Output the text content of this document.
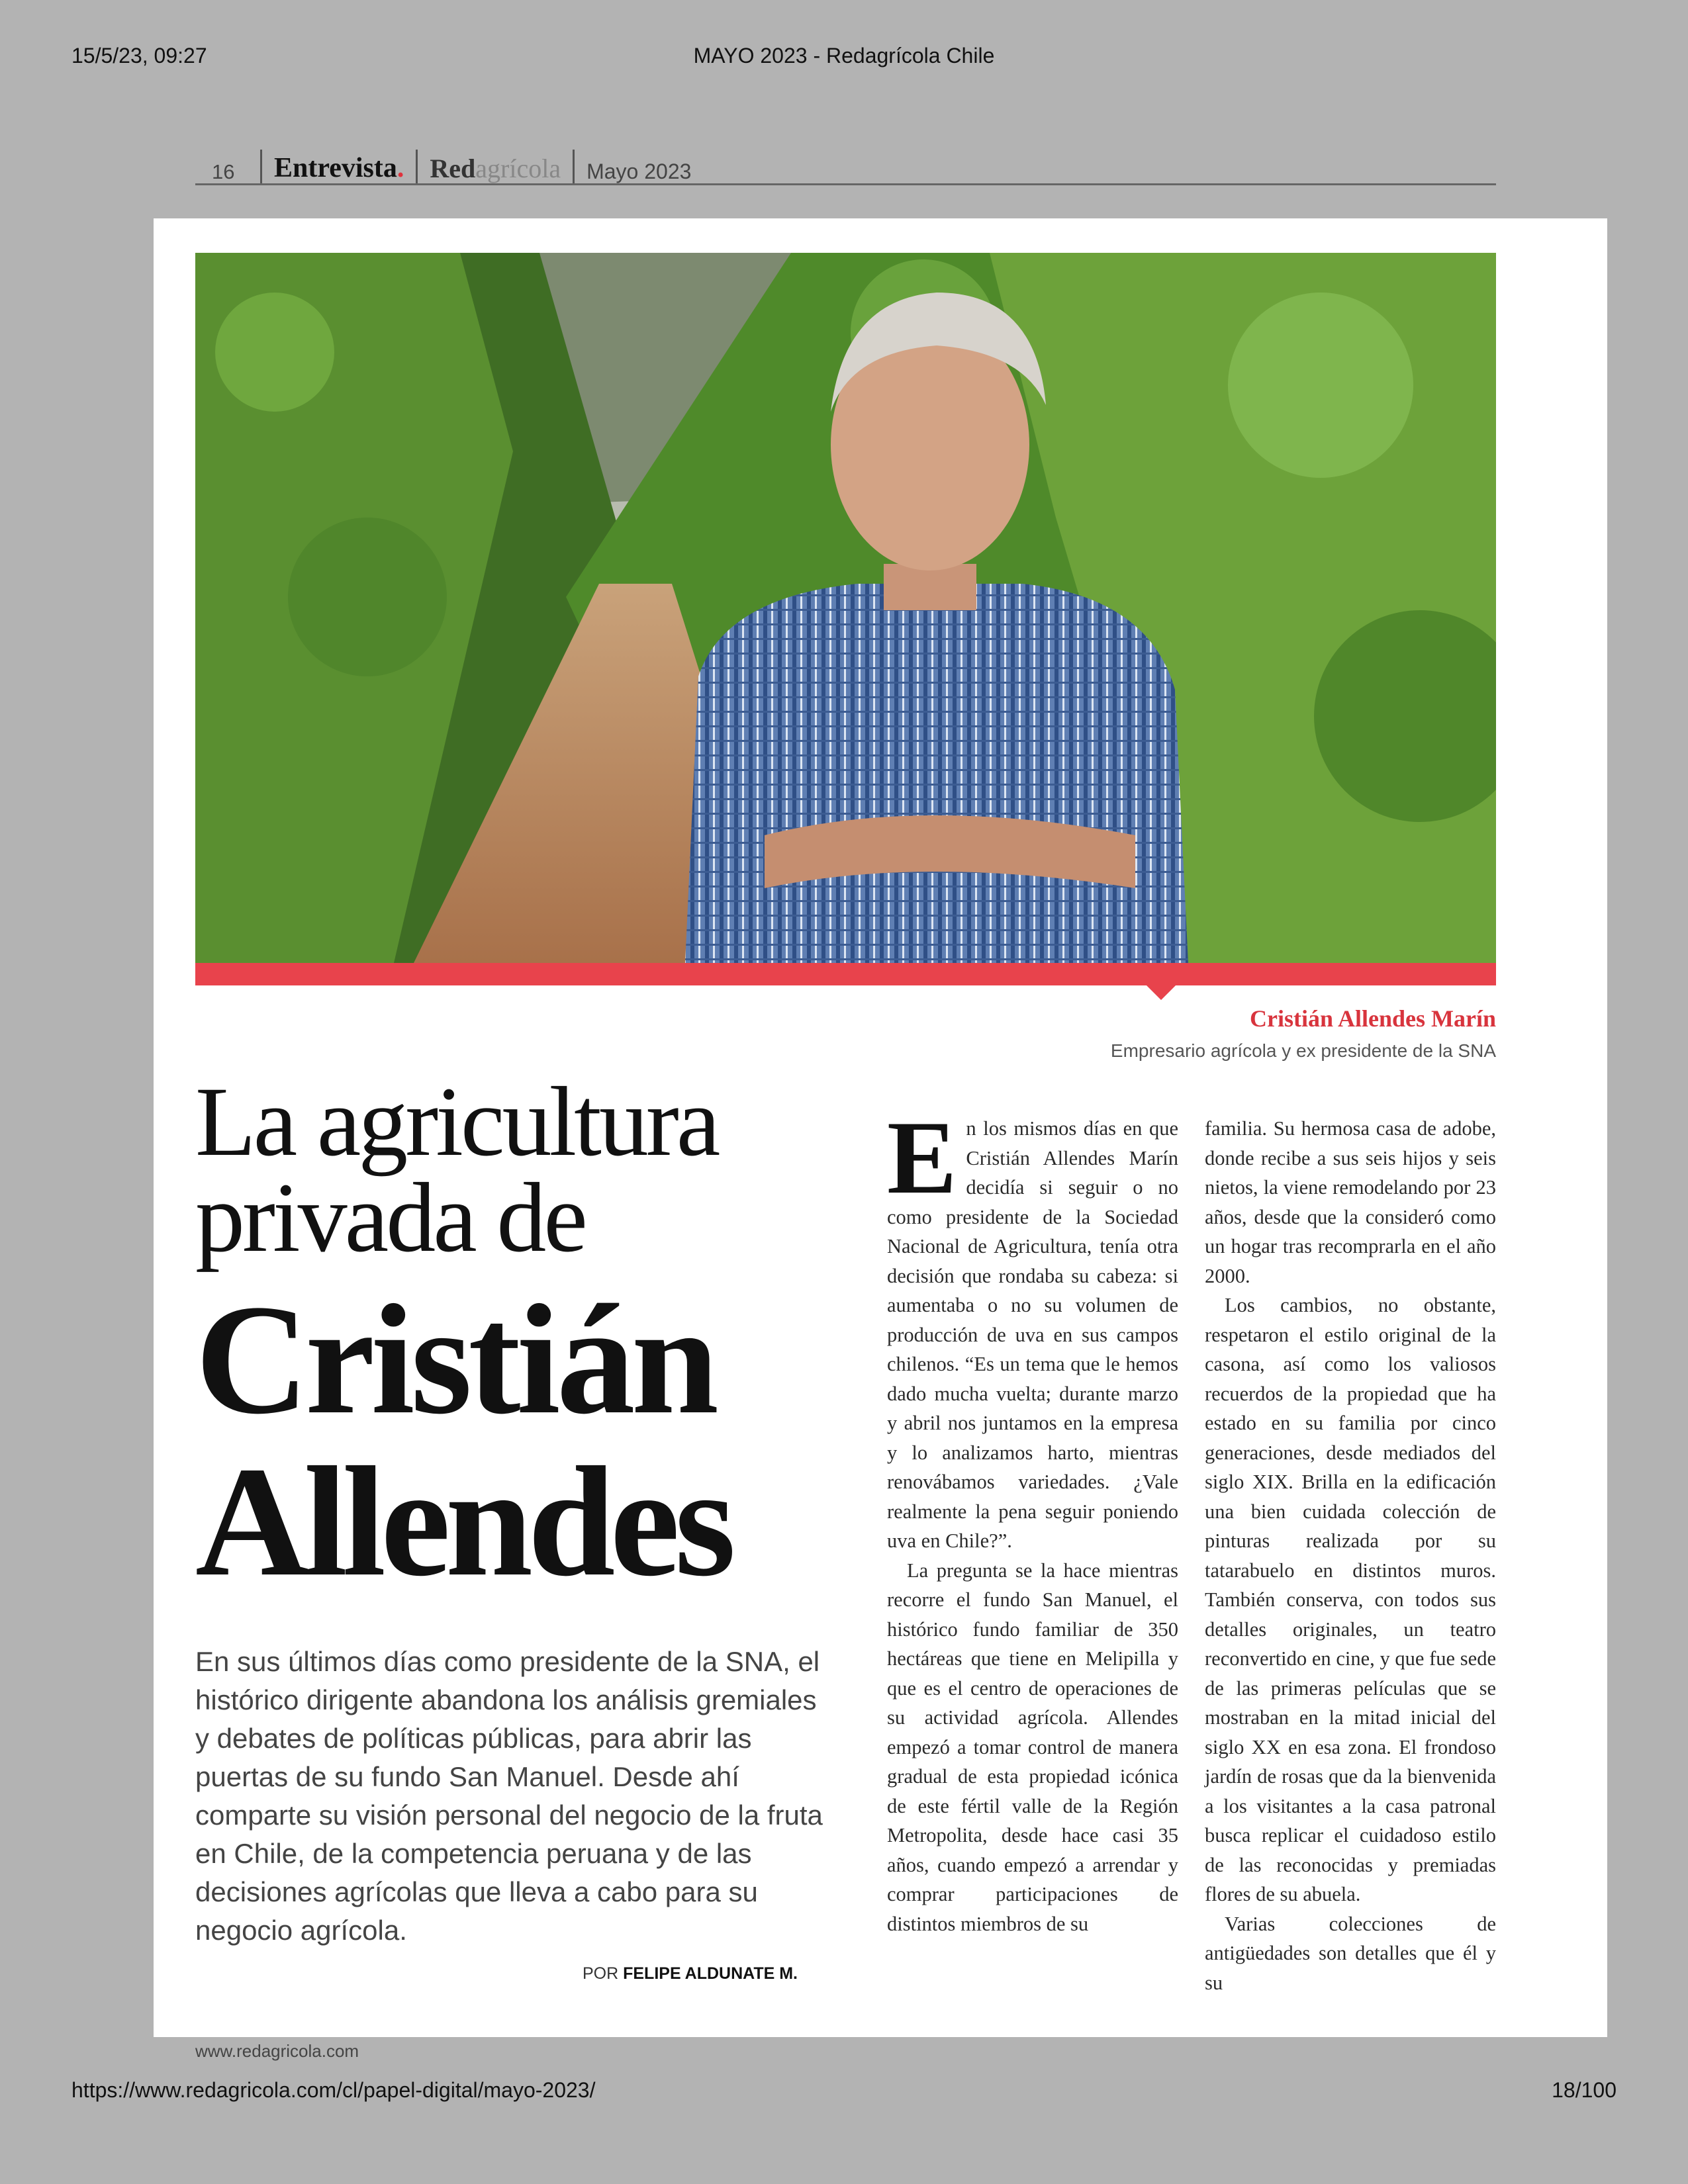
15/5/23, 09:27	MAYO 2023 - Redagrícola Chile
16	Entrevista. Redagrícola Mayo 2023
Cristián Allendes Marín
Empresario agrícola y ex presidente de la SNA
La agricultura
privada de
Cristián
Allendes
En sus últimos días como presidente de la SNA, el histórico dirigente abandona los análisis gremiales y debates de políticas públicas, para abrir las puertas de su fundo San Manuel. Desde ahí comparte su visión personal del negocio de la fruta en Chile, de la competencia peruana y de las decisiones agrícolas que lleva a cabo para su negocio agrícola.
POR FELIPE ALDUNATE M.

En los mismos días en que Cristián Allendes Marín decidía si seguir o no como presidente de la Sociedad Nacional de Agricultura, tenía otra decisión que rondaba su cabeza: si aumentaba o no su volumen de producción de uva en sus campos chilenos. “Es un tema que le hemos dado mucha vuelta; durante marzo y abril nos juntamos en la empresa y lo analizamos harto, mientras renovábamos variedades. ¿Vale realmente la pena seguir poniendo uva en Chile?”.

La pregunta se la hace mientras recorre el fundo San Manuel, el histórico fundo familiar de 350 hectáreas que tiene en Melipilla y que es el centro de operaciones de su actividad agrícola. Allendes empezó a tomar control de manera gradual de esta propiedad icónica de este fértil valle de la Región Metropolita, desde hace casi 35 años, cuando empezó a arrendar y comprar participaciones de distintos miembros de su

familia. Su hermosa casa de adobe, donde recibe a sus seis hijos y seis nietos, la viene remodelando por 23 años, desde que la consideró como un hogar tras recomprarla en el año 2000.

Los cambios, no obstante, respetaron el estilo original de la casona, así como los valiosos recuerdos de la propiedad que ha estado en su familia por cinco generaciones, desde mediados del siglo XIX. Brilla en la edificación una bien cuidada colección de pinturas realizada por su tatarabuelo en distintos muros. También conserva, con todos sus detalles originales, un teatro reconvertido en cine, y que fue sede de las primeras películas que se mostraban en la mitad inicial del siglo XX en esa zona. El frondoso jardín de rosas que da la bienvenida a los visitantes a la casa patronal busca replicar el cuidadoso estilo de las reconocidas y premiadas flores de su abuela.

Varias colecciones de antigüedades son detalles que él y su

www.redagricola.com
https://www.redagricola.com/cl/papel-digital/mayo-2023/	18/100
